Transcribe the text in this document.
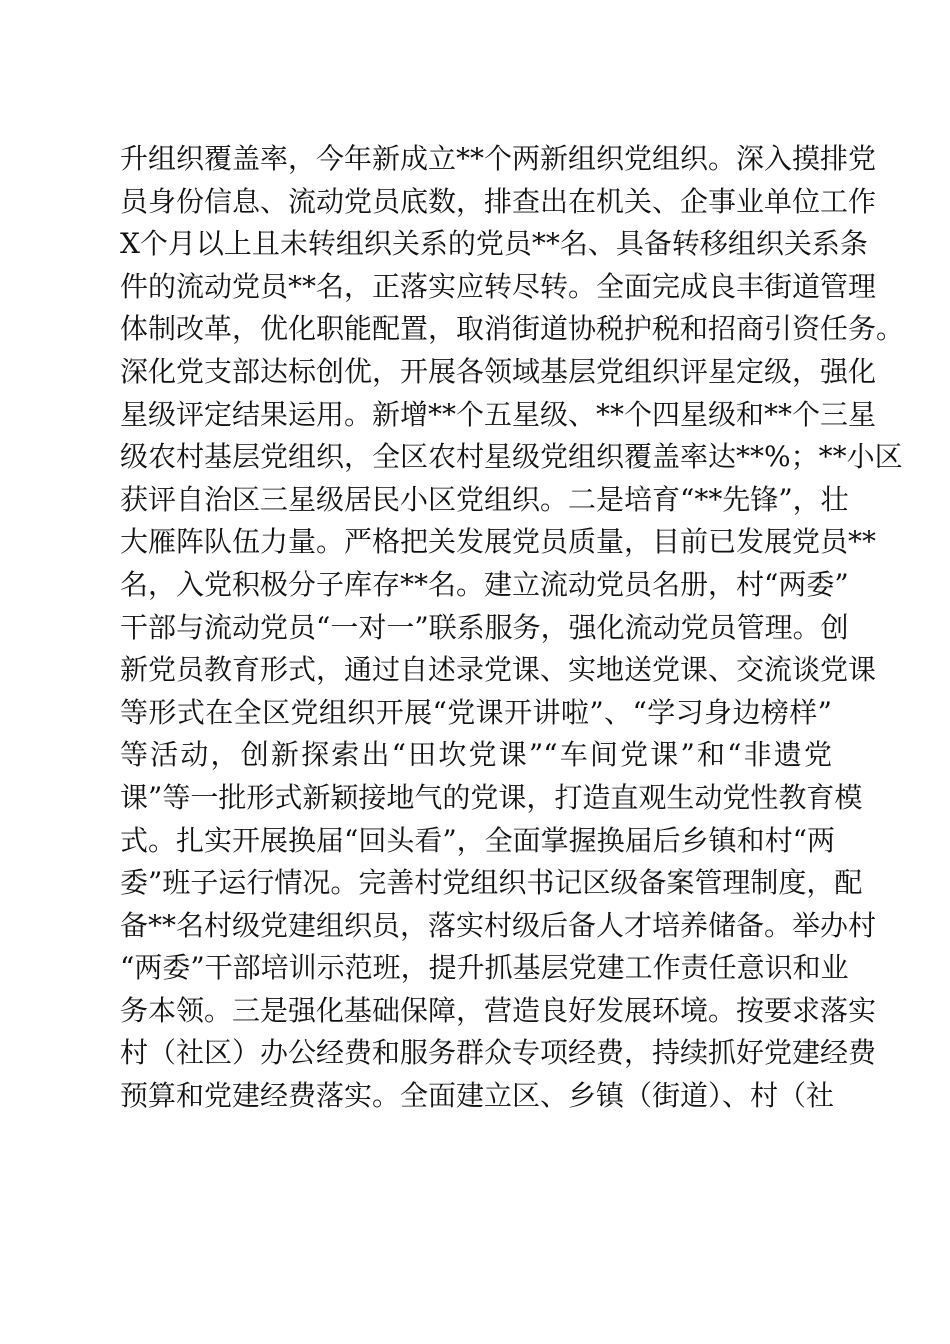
升组织覆盖率，今年新成立**个两新组织党组织。深入摸排党
员身份信息、流动党员底数，排查出在机关、企事业单位工作
X个月以上且未转组织关系的党员**名、具备转移组织关系条
件的流动党员**名，正落实应转尽转。全面完成良丰街道管理
体制改革，优化职能配置，取消街道协税护税和招商引资任务。
深化党支部达标创优，开展各领域基层党组织评星定级，强化
星级评定结果运用。新增**个五星级、**个四星级和**个三星
级农村基层党组织，全区农村星级党组织覆盖率达**%；**小区
获评自治区三星级居民小区党组织。二是培育“**先锋”，壮
大雁阵队伍力量。严格把关发展党员质量，目前已发展党员**
名，入党积极分子库存**名。建立流动党员名册，村“两委”
干部与流动党员“一对一”联系服务，强化流动党员管理。创
新党员教育形式，通过自述录党课、实地送党课、交流谈党课
等形式在全区党组织开展“党课开讲啦”、“学习身边榜样”
等活动，创新探索出“田坎党课”“车间党课”和“非遗党
课”等一批形式新颖接地气的党课，打造直观生动党性教育模
式。扎实开展换届“回头看”，全面掌握换届后乡镇和村“两
委”班子运行情况。完善村党组织书记区级备案管理制度，配
备**名村级党建组织员，落实村级后备人才培养储备。举办村
“两委”干部培训示范班，提升抓基层党建工作责任意识和业
务本领。三是强化基础保障，营造良好发展环境。按要求落实
村（社区）办公经费和服务群众专项经费，持续抓好党建经费
预算和党建经费落实。全面建立区、乡镇（街道）、村（社
